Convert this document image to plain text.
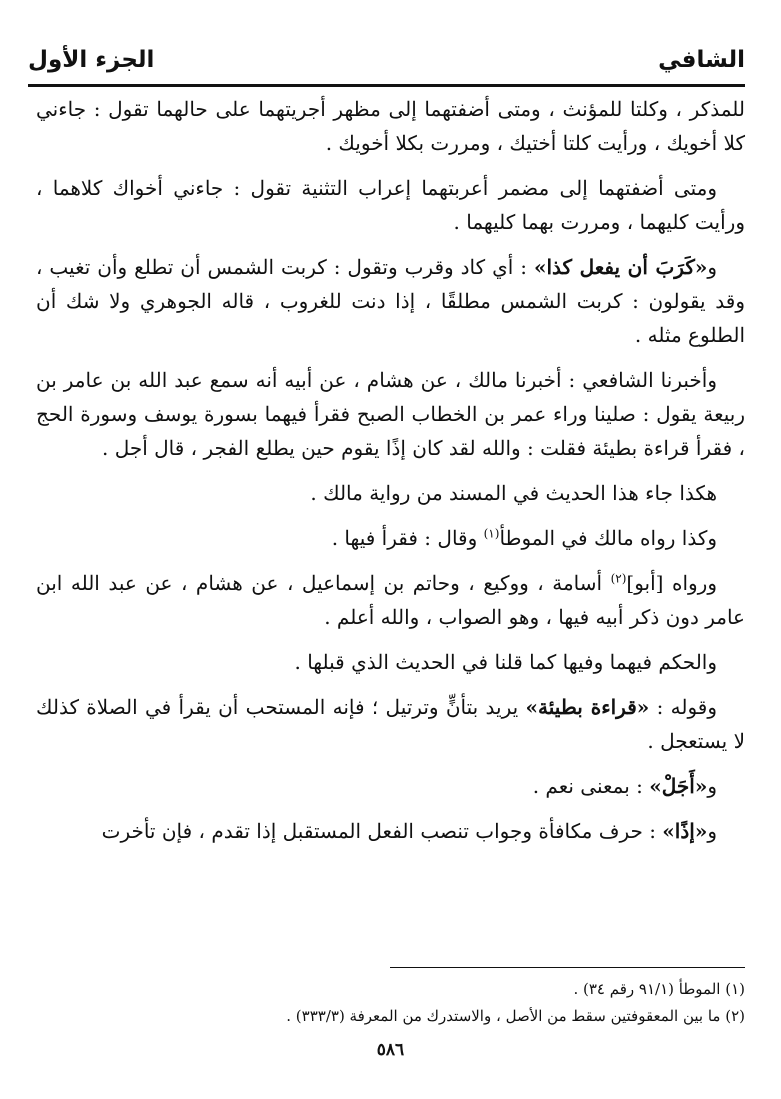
الشافي
الجزء الأول

للمذكر ، وكلتا للمؤنث ، ومتى أضفتهما إلى مظهر أجريتهما على حالهما تقول : جاءني كلا أخويك ، ورأيت كلتا أختيك ، ومررت بكلا أخويك .

ومتى أضفتهما إلى مضمر أعربتهما إعراب التثنية تقول : جاءني أخواك كلاهما ، ورأيت كليهما ، ومررت بهما كليهما .

و«كَرَبَ أن يفعل كذا» : أي كاد وقرب وتقول : كربت الشمس أن تطلع وأن تغيب ، وقد يقولون : كربت الشمس مطلقًا ، إذا دنت للغروب ، قاله الجوهري ولا شك أن الطلوع مثله .

وأخبرنا الشافعي : أخبرنا مالك ، عن هشام ، عن أبيه أنه سمع عبد الله بن عامر بن ربيعة يقول : صلينا وراء عمر بن الخطاب الصبح فقرأ فيهما بسورة يوسف وسورة الحج ، فقرأ قراءة بطيئة فقلت : والله لقد كان إذًا يقوم حين يطلع الفجر ، قال أجل .

هكذا جاء هذا الحديث في المسند من رواية مالك .

وكذا رواه مالك في الموطأ$^{(١)}$ وقال : فقرأ فيها .

ورواه [أبو]$^{(٢)}$ أسامة ، ووكيع ، وحاتم بن إسماعيل ، عن هشام ، عن عبد الله ابن عامر دون ذكر أبيه فيها ، وهو الصواب ، والله أعلم .

والحكم فيهما وفيها كما قلنا في الحديث الذي قبلها .

وقوله : «قراءة بطيئة» يريد بتأنٍّ وترتيل ؛ فإنه المستحب أن يقرأ في الصلاة كذلك لا يستعجل .

و«أَجَلْ» : بمعنى نعم .

و«إذًا» : حرف مكافأة وجواب تنصب الفعل المستقبل إذا تقدم ، فإن تأخرت

(١) الموطأ (٩١/١ رقم ٣٤) .

(٢) ما بين المعقوفتين سقط من الأصل ، والاستدرك من المعرفة (٣٣٣/٣) .

٥٨٦
